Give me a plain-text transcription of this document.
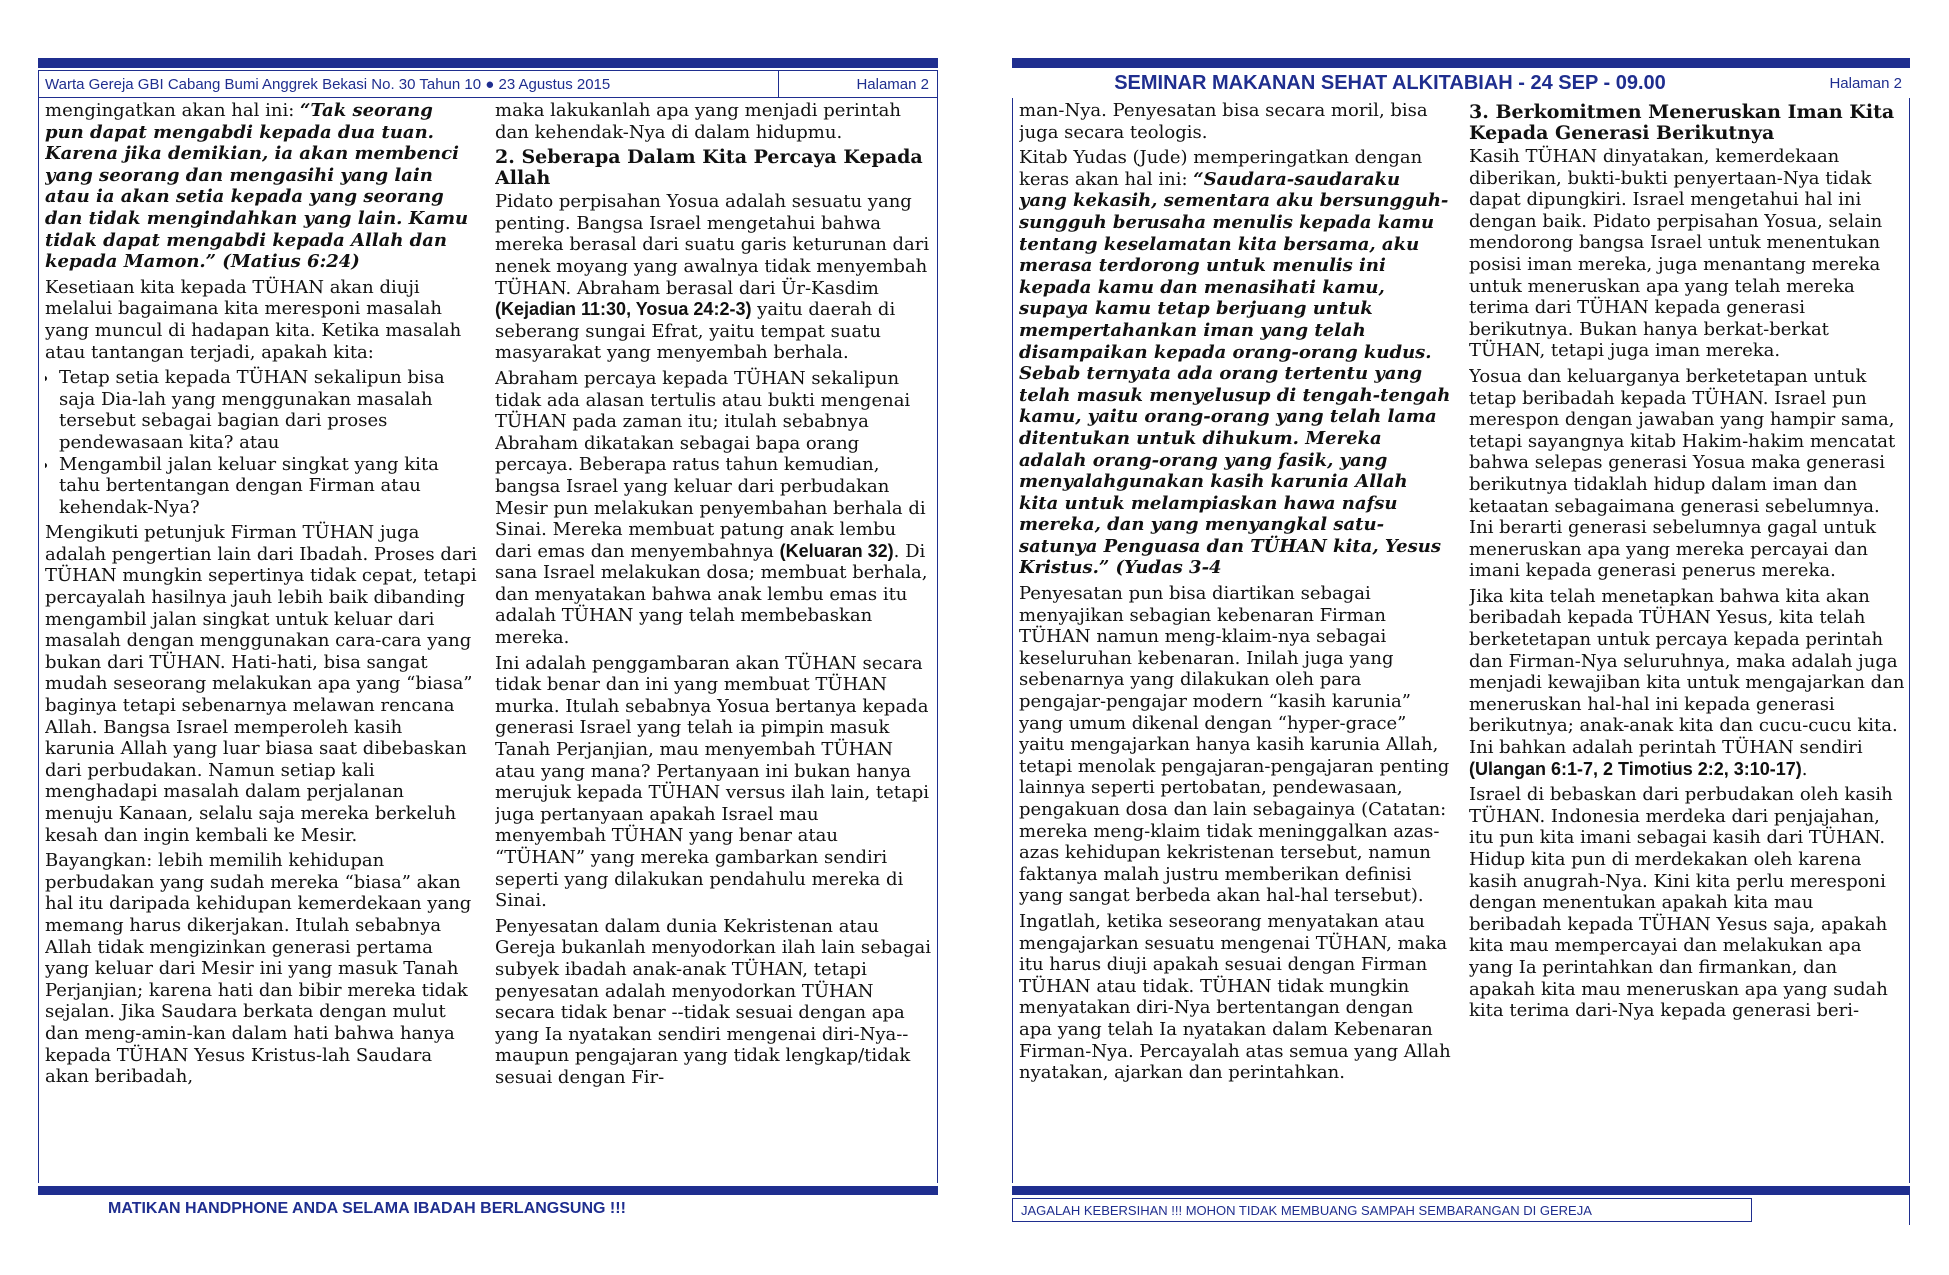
Warta Gereja GBI Cabang Bumi Anggrek Bekasi No. 30 Tahun 10 ● 23 Agustus 2015	Halaman 2

mengingatkan akan hal ini: “Tak seorang pun dapat mengabdi kepada dua tuan. Karena jika demikian, ia akan membenci yang seorang dan mengasihi yang lain atau ia akan setia kepada yang seorang dan tidak mengindahkan yang lain. Kamu tidak dapat mengabdi kepada Allah dan kepada Mamon.” (Matius 6:24)

Kesetiaan kita kepada TÜHAN akan diuji melalui bagaimana kita meresponi masalah yang muncul di hadapan kita. Ketika masalah atau tantangan terjadi, apakah kita:

• Tetap setia kepada TÜHAN sekalipun bisa saja Dia-lah yang menggunakan masalah tersebut sebagai bagian dari proses pendewasaan kita? atau
• Mengambil jalan keluar singkat yang kita tahu bertentangan dengan Firman atau kehendak-Nya?

Mengikuti petunjuk Firman TÜHAN juga adalah pengertian lain dari Ibadah. Proses dari TÜHAN mungkin sepertinya tidak cepat, tetapi percayalah hasilnya jauh lebih baik dibanding mengambil jalan singkat untuk keluar dari masalah dengan menggunakan cara-cara yang bukan dari TÜHAN. Hati-hati, bisa sangat mudah seseorang melakukan apa yang “biasa” baginya tetapi sebenarnya melawan rencana Allah. Bangsa Israel memperoleh kasih karunia Allah yang luar biasa saat dibebaskan dari perbudakan. Namun setiap kali menghadapi masalah dalam perjalanan menuju Kanaan, selalu saja mereka berkeluh kesah dan ingin kembali ke Mesir.

Bayangkan: lebih memilih kehidupan perbudakan yang sudah mereka “biasa” akan hal itu daripada kehidupan kemerdekaan yang memang harus dikerjakan. Itulah sebabnya Allah tidak mengizinkan generasi pertama yang keluar dari Mesir ini yang masuk Tanah Perjanjian; karena hati dan bibir mereka tidak sejalan. Jika Saudara berkata dengan mulut dan meng-amin-kan dalam hati bahwa hanya kepada TÜHAN Yesus Kristus-lah Saudara akan beribadah,

maka lakukanlah apa yang menjadi perintah dan kehendak-Nya di dalam hidupmu.

2. Seberapa Dalam Kita Percaya Kepada Allah

Pidato perpisahan Yosua adalah sesuatu yang penting. Bangsa Israel mengetahui bahwa mereka berasal dari suatu garis keturunan dari nenek moyang yang awalnya tidak menyembah TÜHAN. Abraham berasal dari Ür-Kasdim (Kejadian 11:30, Yosua 24:2-3) yaitu daerah di seberang sungai Efrat, yaitu tempat suatu masyarakat yang menyembah berhala.

Abraham percaya kepada TÜHAN sekalipun tidak ada alasan tertulis atau bukti mengenai TÜHAN pada zaman itu; itulah sebabnya Abraham dikatakan sebagai bapa orang percaya. Beberapa ratus tahun kemudian, bangsa Israel yang keluar dari perbudakan Mesir pun melakukan penyembahan berhala di Sinai. Mereka membuat patung anak lembu dari emas dan menyembahnya (Keluaran 32). Di sana Israel melakukan dosa; membuat berhala, dan menyatakan bahwa anak lembu emas itu adalah TÜHAN yang telah membebaskan mereka.

Ini adalah penggambaran akan TÜHAN secara tidak benar dan ini yang membuat TÜHAN murka. Itulah sebabnya Yosua bertanya kepada generasi Israel yang telah ia pimpin masuk Tanah Perjanjian, mau menyembah TÜHAN atau yang mana? Pertanyaan ini bukan hanya merujuk kepada TÜHAN versus ilah lain, tetapi juga pertanyaan apakah Israel mau menyembah TÜHAN yang benar atau “TÜHAN” yang mereka gambarkan sendiri seperti yang dilakukan pendahulu mereka di Sinai.

Penyesatan dalam dunia Kekristenan atau Gereja bukanlah menyodorkan ilah lain sebagai subyek ibadah anak-anak TÜHAN, tetapi penyesatan adalah menyodorkan TÜHAN secara tidak benar --tidak sesuai dengan apa yang Ia nyatakan sendiri mengenai diri-Nya-- maupun pengajaran yang tidak lengkap/tidak sesuai dengan Fir-

MATIKAN HANDPHONE ANDA SELAMA IBADAH BERLANGSUNG !!!
SEMINAR MAKANAN SEHAT ALKITABIAH - 24 SEP - 09.00	Halaman 2

man-Nya. Penyesatan bisa secara moril, bisa juga secara teologis.

Kitab Yudas (Jude) memperingatkan dengan keras akan hal ini: “Saudara-saudaraku yang kekasih, sementara aku bersungguh-sungguh berusaha menulis kepada kamu tentang keselamatan kita bersama, aku merasa terdorong untuk menulis ini kepada kamu dan menasihati kamu, supaya kamu tetap berjuang untuk mempertahankan iman yang telah disampaikan kepada orang-orang kudus. Sebab ternyata ada orang tertentu yang telah masuk menyelusup di tengah-tengah kamu, yaitu orang-orang yang telah lama ditentukan untuk dihukum. Mereka adalah orang-orang yang fasik, yang menyalahgunakan kasih karunia Allah kita untuk melampiaskan hawa nafsu mereka, dan yang menyangkal satu-satunya Penguasa dan TÜHAN kita, Yesus Kristus.” (Yudas 3-4

Penyesatan pun bisa diartikan sebagai menyajikan sebagian kebenaran Firman TÜHAN namun meng-klaim-nya sebagai keseluruhan kebenaran. Inilah juga yang sebenarnya yang dilakukan oleh para pengajar-pengajar modern “kasih karunia” yang umum dikenal dengan “hyper-grace” yaitu mengajarkan hanya kasih karunia Allah, tetapi menolak pengajaran-pengajaran penting lainnya seperti pertobatan, pendewasaan, pengakuan dosa dan lain sebagainya (Catatan: mereka meng-klaim tidak meninggalkan azas-azas kehidupan kekristenan tersebut, namun faktanya malah justru memberikan definisi yang sangat berbeda akan hal-hal tersebut).

Ingatlah, ketika seseorang menyatakan atau mengajarkan sesuatu mengenai TÜHAN, maka itu harus diuji apakah sesuai dengan Firman TÜHAN atau tidak. TÜHAN tidak mungkin menyatakan diri-Nya bertentangan dengan apa yang telah Ia nyatakan dalam Kebenaran Firman-Nya. Percayalah atas semua yang Allah nyatakan, ajarkan dan perintahkan.

3. Berkomitmen Meneruskan Iman Kita Kepada Generasi Berikutnya

Kasih TÜHAN dinyatakan, kemerdekaan diberikan, bukti-bukti penyertaan-Nya tidak dapat dipungkiri. Israel mengetahui hal ini dengan baik. Pidato perpisahan Yosua, selain mendorong bangsa Israel untuk menentukan posisi iman mereka, juga menantang mereka untuk meneruskan apa yang telah mereka terima dari TÜHAN kepada generasi berikutnya. Bukan hanya berkat-berkat TÜHAN, tetapi juga iman mereka.

Yosua dan keluarganya berketetapan untuk tetap beribadah kepada TÜHAN. Israel pun merespon dengan jawaban yang hampir sama, tetapi sayangnya kitab Hakim-hakim mencatat bahwa selepas generasi Yosua maka generasi berikutnya tidaklah hidup dalam iman dan ketaatan sebagaimana generasi sebelumnya. Ini berarti generasi sebelumnya gagal untuk meneruskan apa yang mereka percayai dan imani kepada generasi penerus mereka.

Jika kita telah menetapkan bahwa kita akan beribadah kepada TÜHAN Yesus, kita telah berketetapan untuk percaya kepada perintah dan Firman-Nya seluruhnya, maka adalah juga menjadi kewajiban kita untuk mengajarkan dan meneruskan hal-hal ini kepada generasi berikutnya; anak-anak kita dan cucu-cucu kita. Ini bahkan adalah perintah TÜHAN sendiri (Ulangan 6:1-7, 2 Timotius 2:2, 3:10-17).

Israel di bebaskan dari perbudakan oleh kasih TÜHAN. Indonesia merdeka dari penjajahan, itu pun kita imani sebagai kasih dari TÜHAN. Hidup kita pun di merdekakan oleh karena kasih anugrah-Nya. Kini kita perlu meresponi dengan menentukan apakah kita mau beribadah kepada TÜHAN Yesus saja, apakah kita mau mempercayai dan melakukan apa yang Ia perintahkan dan firmankan, dan apakah kita mau meneruskan apa yang sudah kita terima dari-Nya kepada generasi beri-

JAGALAH KEBERSIHAN !!! MOHON TIDAK MEMBUANG SAMPAH SEMBARANGAN DI GEREJA
